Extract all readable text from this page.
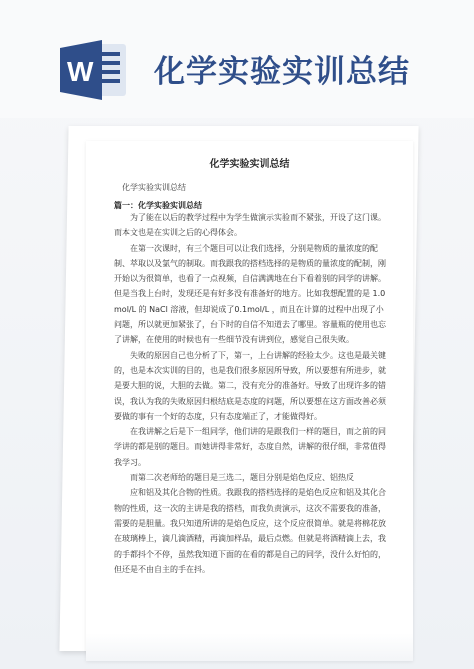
W 化学实验实训总结
化学实验实训总结
化学实验实训总结
篇一：化学实验实训总结

为了能在以后的教学过程中为学生做演示实验而不紧张，开设了这门课。而本文也是在实训之后的心得体会。

在第一次课时，有三个题目可以让我们选择，分别是物质的量浓度的配制、萃取以及氯气的制取。而我跟我的搭档选择的是物质的量浓度的配制，刚开始以为很简单，也看了一点视频，自信满满地在台下看着别的同学的讲解。但是当我上台时，发现还是有好多没有准备好的地方。比如我想配置的是 1.0mol/L 的 NaCl 溶液，但却说成了0.1mol/L ，而且在计算的过程中出现了小问题，所以就更加紧张了，台下时的自信不知道去了哪里。容量瓶的使用也忘了讲解，在使用的时候也有一些细节没有讲到位，感觉自己很失败。

失败的原因自己也分析了下，第一，上台讲解的经验太少。这也是最关键的，也是本次实训的目的，也是我们很多原因所导致，所以要想有所进步，就是要大胆的说，大胆的去做。第二，没有充分的准备好。导致了出现许多的错误，我认为我的失败原因归根结底是态度的问题，所以要想在这方面改善必须要做的事有一个好的态度，只有态度端正了，才能做得好。

在我讲解之后是下一组同学，他们讲的是跟我们一样的题目，而之前的同学讲的都是别的题目。而她讲得非常好，态度自然，讲解的很仔细，非常值得我学习。

而第二次老师给的题目是三选二，题目分别是焰色反应、铝热反

应和铝及其化合物的性质。我跟我的搭档选择的是焰色反应和铝及其化合物的性质，这一次的主讲是我的搭档，而我负责演示，这次不需要我的准备，需要的是胆量。我只知道所讲的是焰色反应，这个反应很简单。就是将棉花放在玻璃棒上，滴几滴酒精，再滴加样品，最后点燃。但就是将酒精滴上去，我的手都抖个不停，虽然我知道下面的在看的都是自己的同学，没什么好怕的，但还是不由自主的手在抖。
